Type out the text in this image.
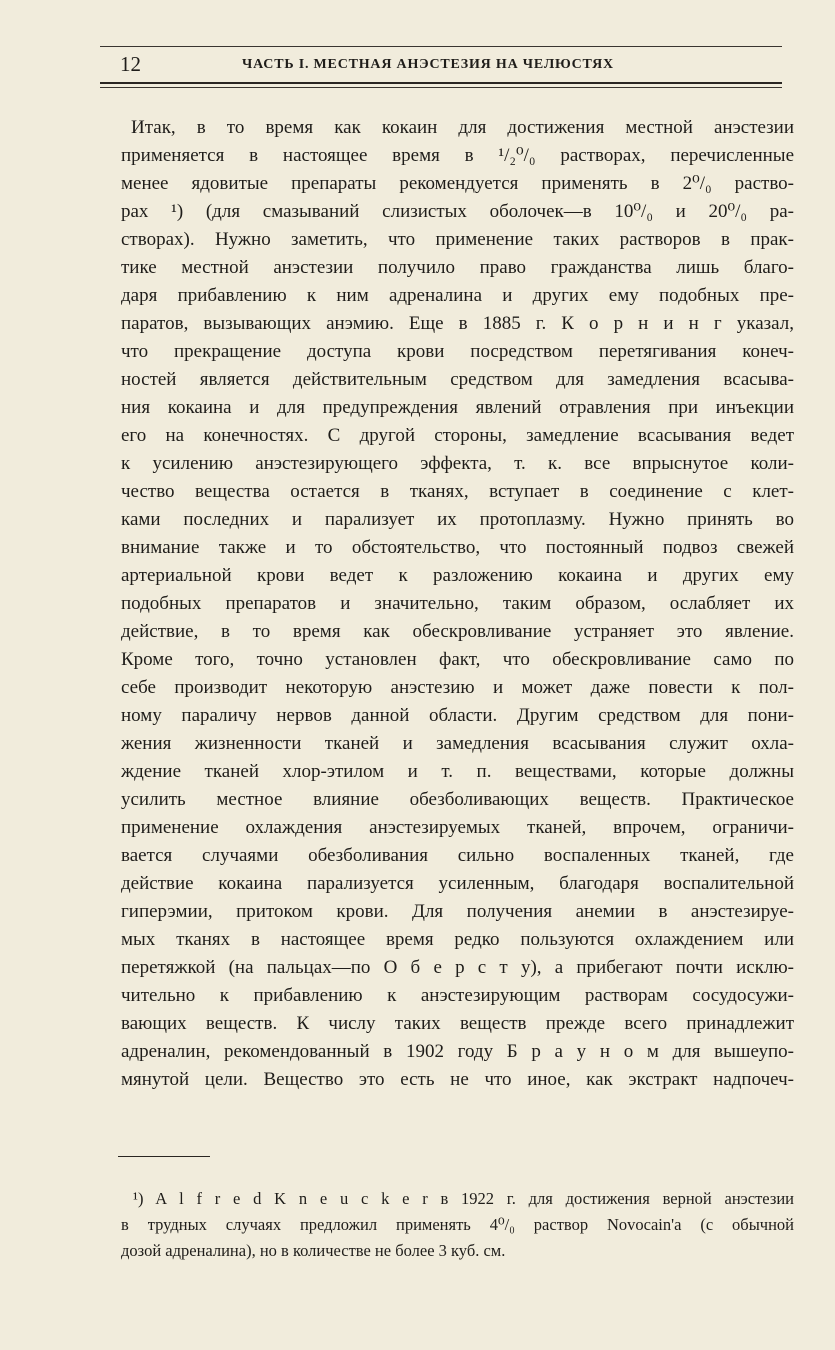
12	ЧАСТЬ I. МЕСТНАЯ АНЭСТЕЗИЯ НА ЧЕЛЮСТЯХ
Итак, в то время как кокаин для достижения местной анэстезии
применяется в настоящее время в ¹/₂⁰/₀ растворах, перечисленные
менее ядовитые препараты рекомендуется применять в 2⁰/₀ раство-
рах ¹) (для смазываний слизистых оболочек—в 10⁰/₀ и 20⁰/₀ ра-
створах). Нужно заметить, что применение таких растворов в прак-
тике местной анэстезии получило право гражданства лишь благо-
даря прибавлению к ним адреналина и других ему подобных пре-
паратов, вызывающих анэмию. Еще в 1885 г. К о р н и н г указал,
что прекращение доступа крови посредством перетягивания конеч-
ностей является действительным средством для замедления всасыва-
ния кокаина и для предупреждения явлений отравления при инъекции
его на конечностях. С другой стороны, замедление всасывания ведет
к усилению анэстезирующего эффекта, т. к. все впрыснутое коли-
чество вещества остается в тканях, вступает в соединение с клет-
ками последних и парализует их протоплазму. Нужно принять во
внимание также и то обстоятельство, что постоянный подвоз свежей
артериальной крови ведет к разложению кокаина и других ему
подобных препаратов и значительно, таким образом, ослабляет их
действие, в то время как обескровливание устраняет это явление.
Кроме того, точно установлен факт, что обескровливание само по
себе производит некоторую анэстезию и может даже повести к пол-
ному параличу нервов данной области. Другим средством для пони-
жения жизненности тканей и замедления всасывания служит охла-
ждение тканей хлор-этилом и т. п. веществами, которые должны
усилить местное влияние обезболивающих веществ. Практическое
применение охлаждения анэстезируемых тканей, впрочем, ограничи-
вается случаями обезболивания сильно воспаленных тканей, где
действие кокаина парализуется усиленным, благодаря воспалительной
гиперэмии, притоком крови. Для получения анемии в анэстезируе-
мых тканях в настоящее время редко пользуются охлаждением или
перетяжкой (на пальцах—по О б е р с т у), а прибегают почти исклю-
чительно к прибавлению к анэстезирующим растворам сосудосужи-
вающих веществ. К числу таких веществ прежде всего принадлежит
адреналин, рекомендованный в 1902 году Б р а у н о м для вышеупо-
мянутой цели. Вещество это есть не что иное, как экстракт надпочеч-
¹) A l f r e d K n e u c k e r в 1922 г. для достижения верной анэстезии
в трудных случаях предложил применять 4⁰/₀ раствор Novocain'а (с обычной
дозой адреналина), но в количестве не более 3 куб. см.
